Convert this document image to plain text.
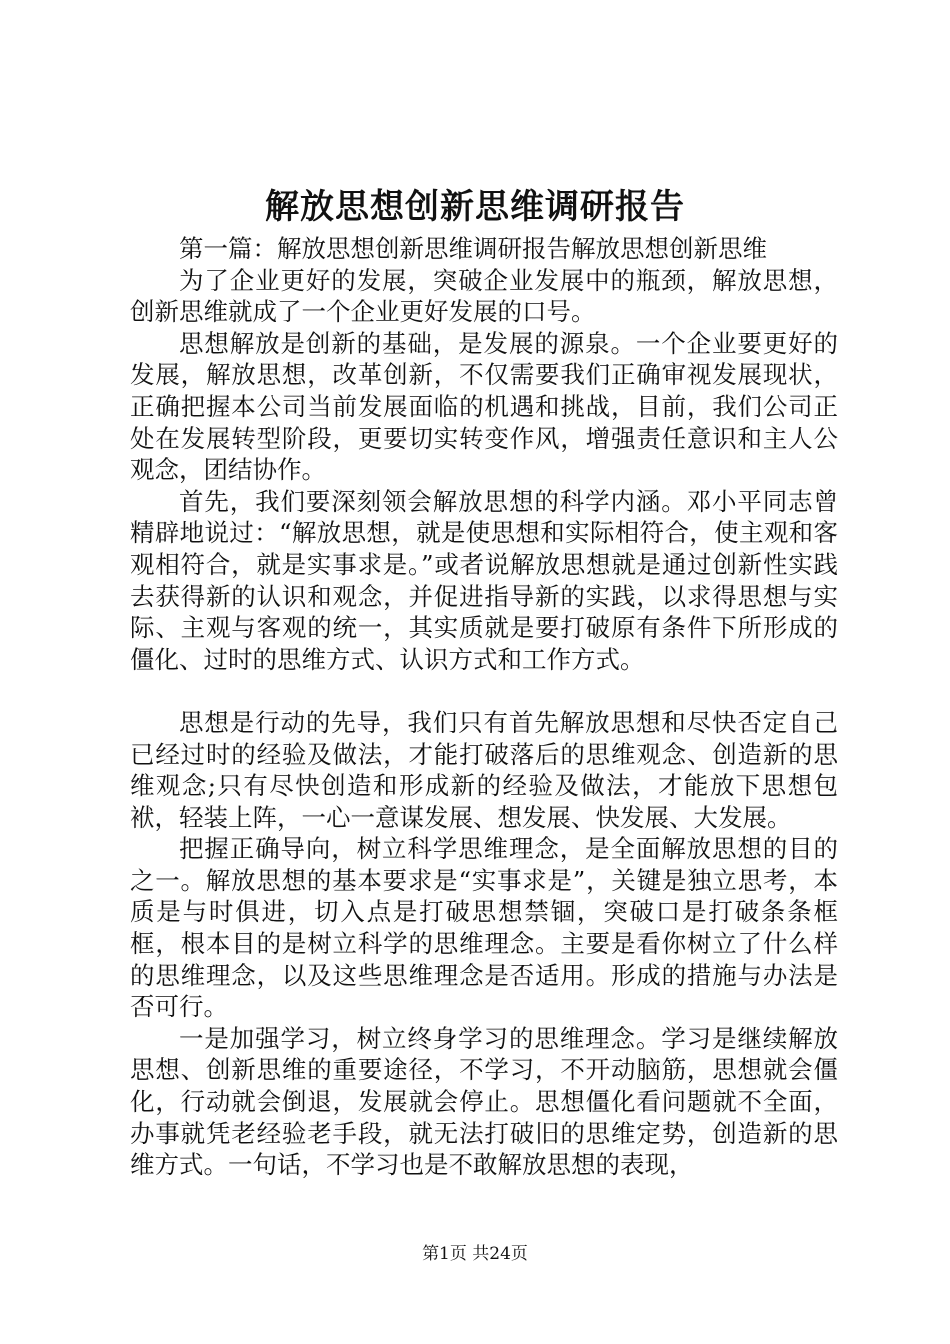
解放思想创新思维调研报告

第一篇：解放思想创新思维调研报告解放思想创新思维

为了企业更好的发展，突破企业发展中的瓶颈，解放思想，创新思维就成了一个企业更好发展的口号。

思想解放是创新的基础，是发展的源泉。一个企业要更好的发展，解放思想，改革创新，不仅需要我们正确审视发展现状，正确把握本公司当前发展面临的机遇和挑战，目前，我们公司正处在发展转型阶段，更要切实转变作风，增强责任意识和主人公观念，团结协作。

首先，我们要深刻领会解放思想的科学内涵。邓小平同志曾精辟地说过：“解放思想，就是使思想和实际相符合，使主观和客观相符合，就是实事求是。”或者说解放思想就是通过创新性实践去获得新的认识和观念，并促进指导新的实践，以求得思想与实际、主观与客观的统一，其实质就是要打破原有条件下所形成的僵化、过时的思维方式、认识方式和工作方式。

思想是行动的先导，我们只有首先解放思想和尽快否定自己已经过时的经验及做法，才能打破落后的思维观念、创造新的思维观念;只有尽快创造和形成新的经验及做法，才能放下思想包袱，轻装上阵，一心一意谋发展、想发展、快发展、大发展。

把握正确导向，树立科学思维理念，是全面解放思想的目的之一。解放思想的基本要求是“实事求是”，关键是独立思考，本质是与时俱进，切入点是打破思想禁锢，突破口是打破条条框框，根本目的是树立科学的思维理念。主要是看你树立了什么样的思维理念，以及这些思维理念是否适用。形成的措施与办法是否可行。

一是加强学习，树立终身学习的思维理念。学习是继续解放思想、创新思维的重要途径，不学习，不开动脑筋，思想就会僵化，行动就会倒退，发展就会停止。思想僵化看问题就不全面，办事就凭老经验老手段，就无法打破旧的思维定势，创造新的思维方式。一句话，不学习也是不敢解放思想的表现，

第1页 共24页
